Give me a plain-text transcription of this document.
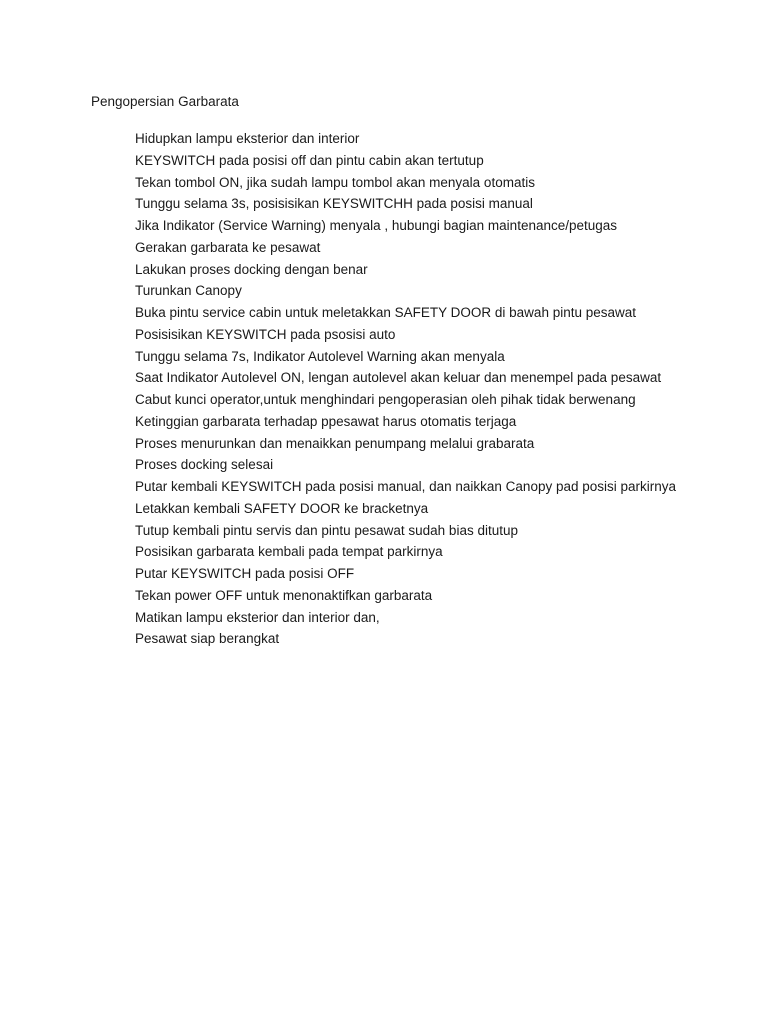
Pengopersian Garbarata
Hidupkan lampu eksterior dan interior
KEYSWITCH pada posisi off dan pintu cabin akan tertutup
Tekan tombol ON, jika sudah lampu tombol akan menyala otomatis
Tunggu selama 3s, posisisikan KEYSWITCHH pada posisi manual
Jika Indikator (Service Warning) menyala , hubungi bagian maintenance/petugas
Gerakan garbarata ke pesawat
Lakukan proses docking dengan benar
Turunkan Canopy
Buka pintu service cabin untuk meletakkan SAFETY DOOR di bawah pintu pesawat
Posisisikan KEYSWITCH pada psosisi auto
Tunggu selama 7s, Indikator Autolevel Warning akan menyala
Saat Indikator Autolevel ON, lengan autolevel akan keluar dan menempel pada pesawat
Cabut kunci operator,untuk menghindari pengoperasian oleh pihak tidak berwenang
Ketinggian garbarata terhadap ppesawat harus otomatis terjaga
Proses menurunkan dan menaikkan penumpang melalui grabarata
Proses docking selesai
Putar kembali KEYSWITCH pada posisi manual, dan naikkan Canopy pad posisi parkirnya
Letakkan kembali SAFETY DOOR ke bracketnya
Tutup kembali pintu servis dan pintu pesawat sudah bias ditutup
Posisikan garbarata kembali pada tempat parkirnya
Putar KEYSWITCH pada posisi OFF
Tekan power OFF untuk menonaktifkan garbarata
Matikan lampu eksterior dan interior dan,
Pesawat siap berangkat
